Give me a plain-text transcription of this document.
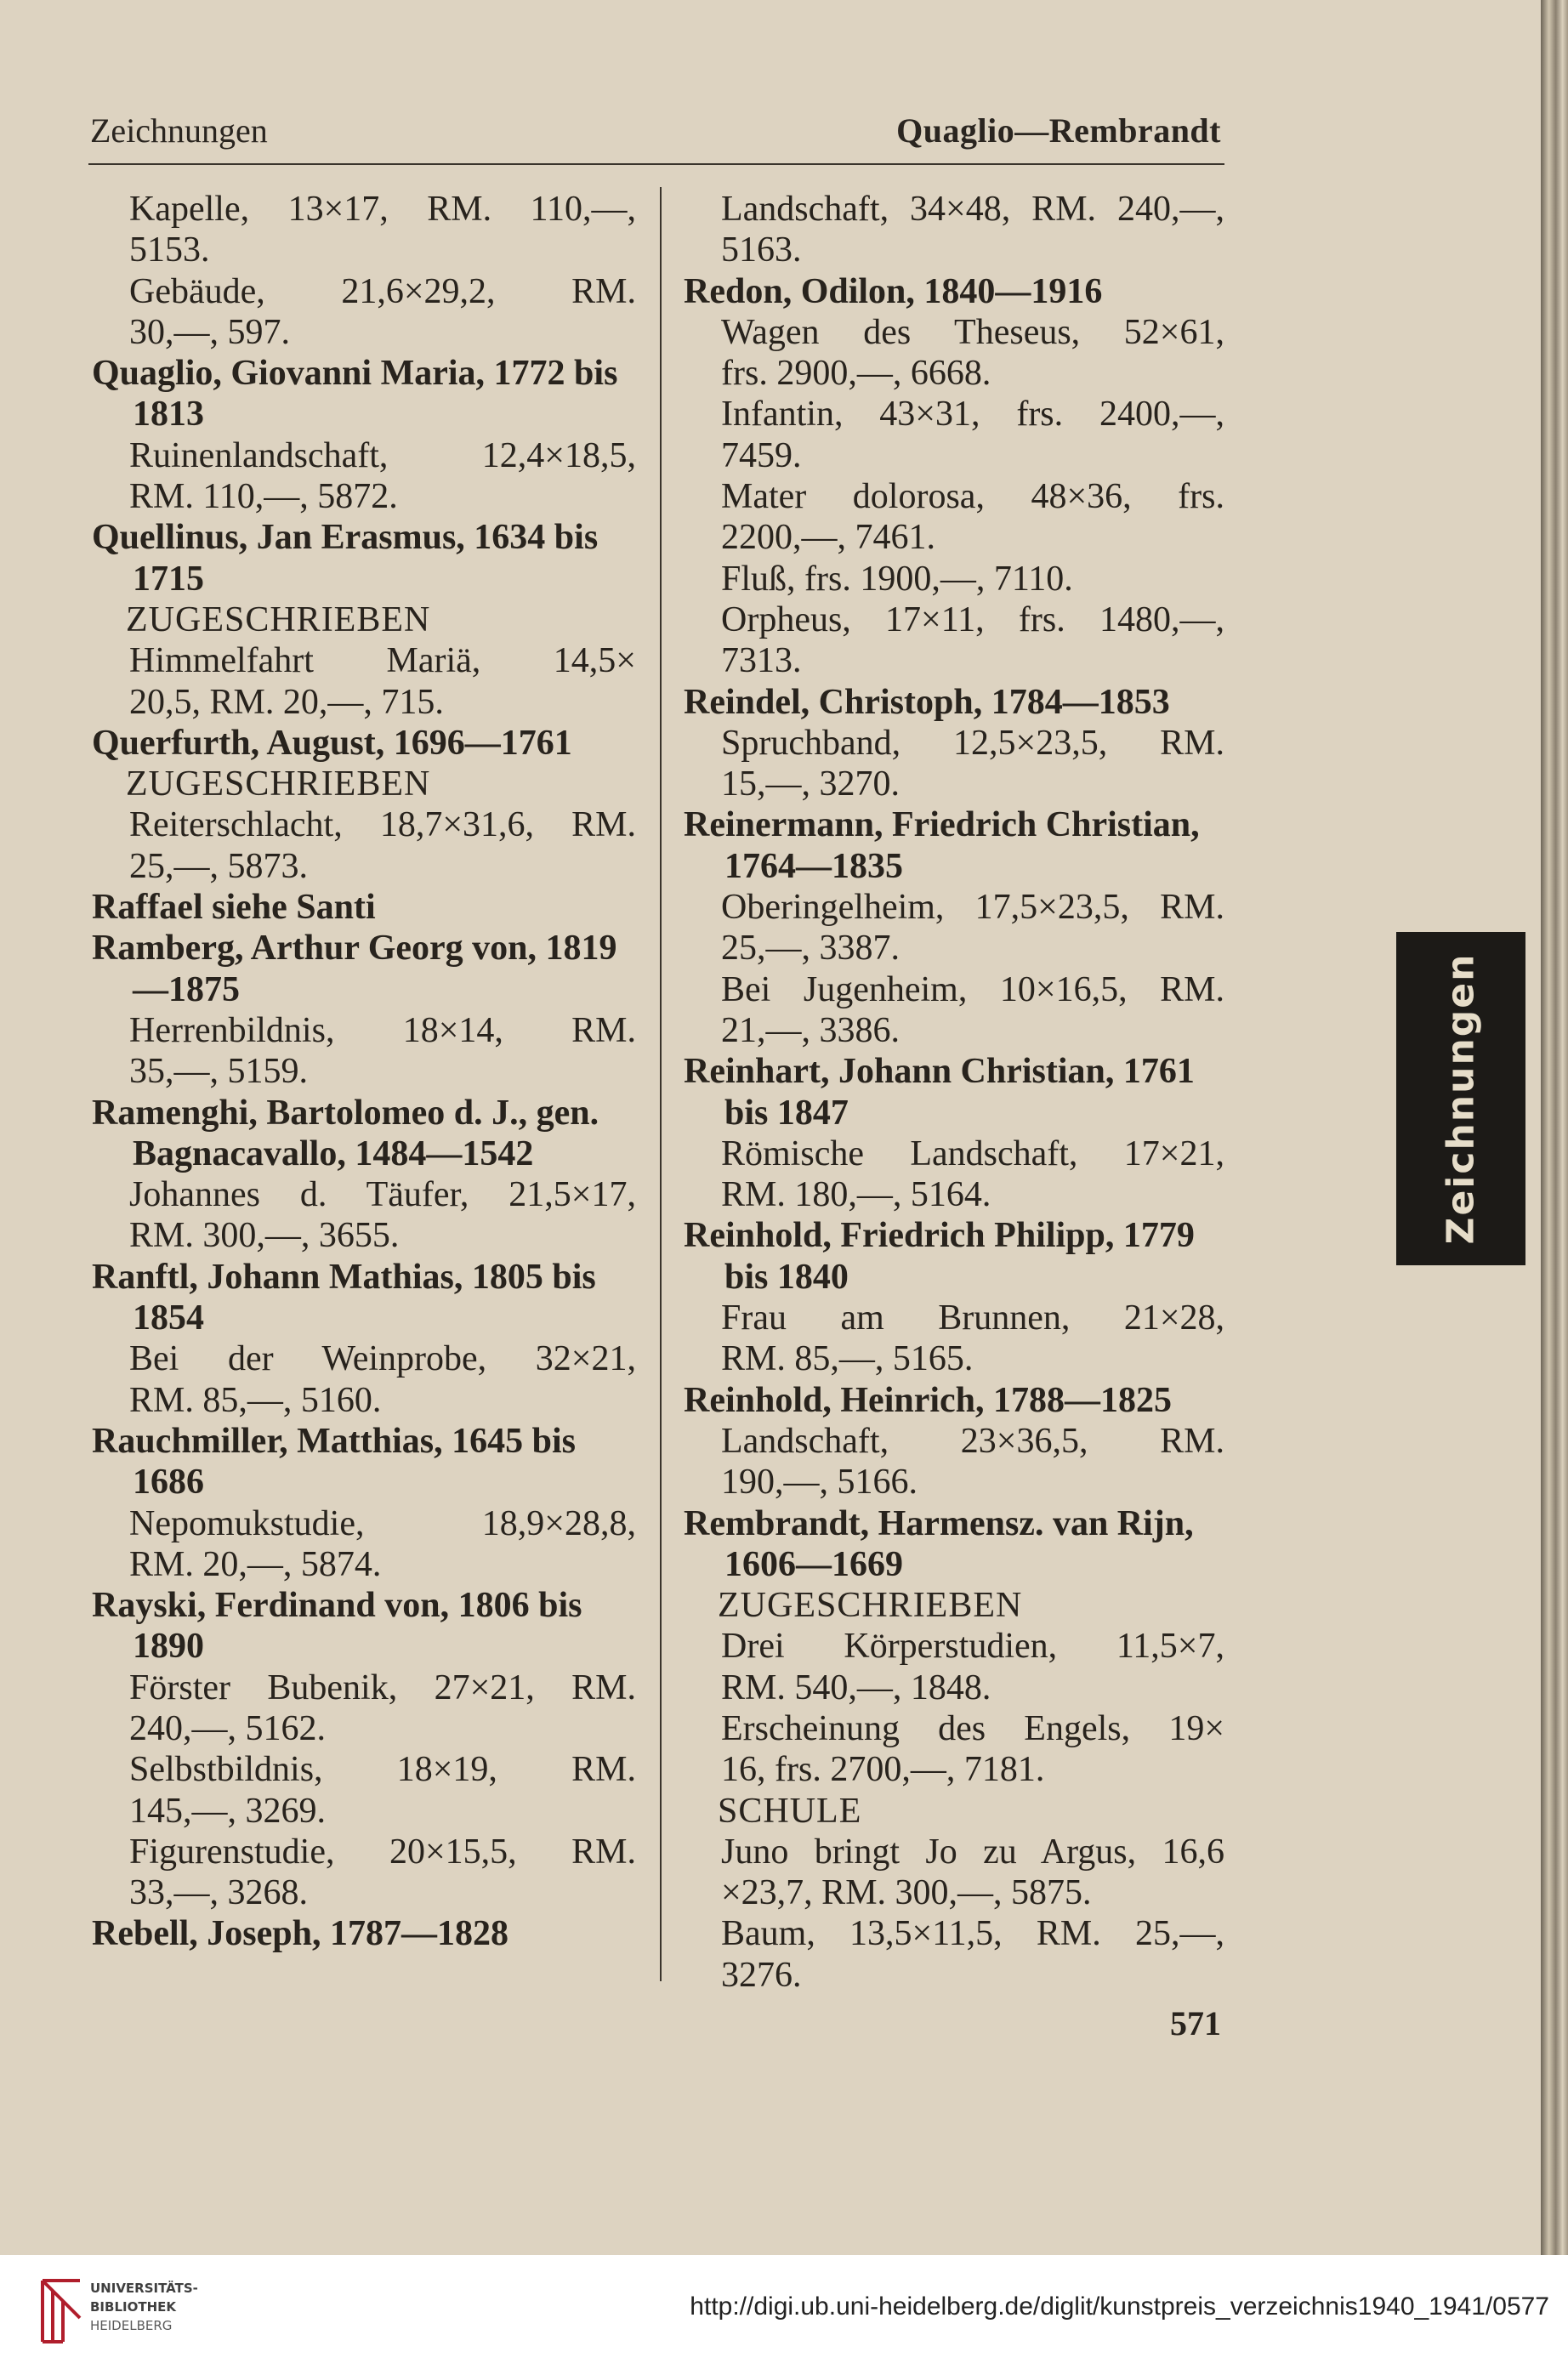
Zeichnungen	Quaglio—Rembrandt
Kapelle, 13×17, RM. 110,—,
5153.
Gebäude, 21,6×29,2, RM.
30,—, 597.
Quaglio, Giovanni Maria, 1772 bis 1813
Ruinenlandschaft, 12,4×18,5,
RM. 110,—, 5872.
Quellinus, Jan Erasmus, 1634 bis 1715
ZUGESCHRIEBEN
Himmelfahrt Mariä, 14,5×
20,5, RM. 20,—, 715.
Querfurth, August, 1696—1761
ZUGESCHRIEBEN
Reiterschlacht, 18,7×31,6, RM.
25,—, 5873.
Raffael siehe Santi
Ramberg, Arthur Georg von, 1819—1875
Herrenbildnis, 18×14, RM.
35,—, 5159.
Ramenghi, Bartolomeo d. J., gen. Bagnacavallo, 1484—1542
Johannes d. Täufer, 21,5×17,
RM. 300,—, 3655.
Ranftl, Johann Mathias, 1805 bis 1854
Bei der Weinprobe, 32×21,
RM. 85,—, 5160.
Rauchmiller, Matthias, 1645 bis 1686
Nepomukstudie, 18,9×28,8,
RM. 20,—, 5874.
Rayski, Ferdinand von, 1806 bis 1890
Förster Bubenik, 27×21, RM.
240,—, 5162.
Selbstbildnis, 18×19, RM.
145,—, 3269.
Figurenstudie, 20×15,5, RM.
33,—, 3268.
Rebell, Joseph, 1787—1828
Landschaft, 34×48, RM. 240,—,
5163.
Redon, Odilon, 1840—1916
Wagen des Theseus, 52×61,
frs. 2900,—, 6668.
Infantin, 43×31, frs. 2400,—,
7459.
Mater dolorosa, 48×36, frs.
2200,—, 7461.
Fluß, frs. 1900,—, 7110.
Orpheus, 17×11, frs. 1480,—,
7313.
Reindel, Christoph, 1784—1853
Spruchband, 12,5×23,5, RM.
15,—, 3270.
Reinermann, Friedrich Christian, 1764—1835
Oberingelheim, 17,5×23,5, RM.
25,—, 3387.
Bei Jugenheim, 10×16,5, RM.
21,—, 3386.
Reinhart, Johann Christian, 1761 bis 1847
Römische Landschaft, 17×21,
RM. 180,—, 5164.
Reinhold, Friedrich Philipp, 1779 bis 1840
Frau am Brunnen, 21×28,
RM. 85,—, 5165.
Reinhold, Heinrich, 1788—1825
Landschaft, 23×36,5, RM.
190,—, 5166.
Rembrandt, Harmensz. van Rijn, 1606—1669
ZUGESCHRIEBEN
Drei Körperstudien, 11,5×7,
RM. 540,—, 1848.
Erscheinung des Engels, 19×
16, frs. 2700,—, 7181.
SCHULE
Juno bringt Jo zu Argus, 16,6
×23,7, RM. 300,—, 5875.
Baum, 13,5×11,5, RM. 25,—,
3276.
571
Zeichnungen
UNIVERSITÄTS-
BIBLIOTHEK
HEIDELBERG
http://digi.ub.uni-heidelberg.de/diglit/kunstpreis_verzeichnis1940_1941/0577
